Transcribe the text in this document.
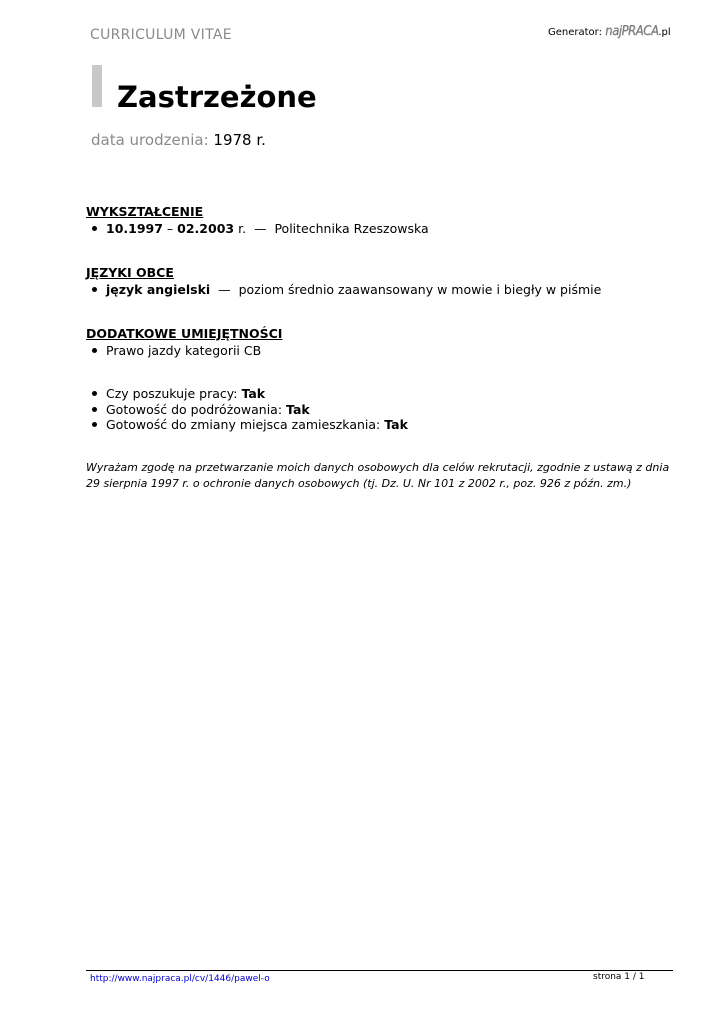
CURRICULUM VITAE	Generator: najPRACA.pl
Zastrzeżone
data urodzenia: 1978 r.
WYKSZTAŁCENIE
10.1997 – 02.2003 r. — Politechnika Rzeszowska
JĘZYKI OBCE
język angielski — poziom średnio zaawansowany w mowie i biegły w piśmie
DODATKOWE UMIEJĘTNOŚCI
Prawo jazdy kategorii CB
Czy poszukuje pracy: Tak
Gotowość do podróżowania: Tak
Gotowość do zmiany miejsca zamieszkania: Tak

Wyrażam zgodę na przetwarzanie moich danych osobowych dla celów rekrutacji, zgodnie z ustawą z dnia 29 sierpnia 1997 r. o ochronie danych osobowych (tj. Dz. U. Nr 101 z 2002 r., poz. 926 z późn. zm.)

http://www.najpraca.pl/cv/1446/pawel-o	strona 1 / 1
